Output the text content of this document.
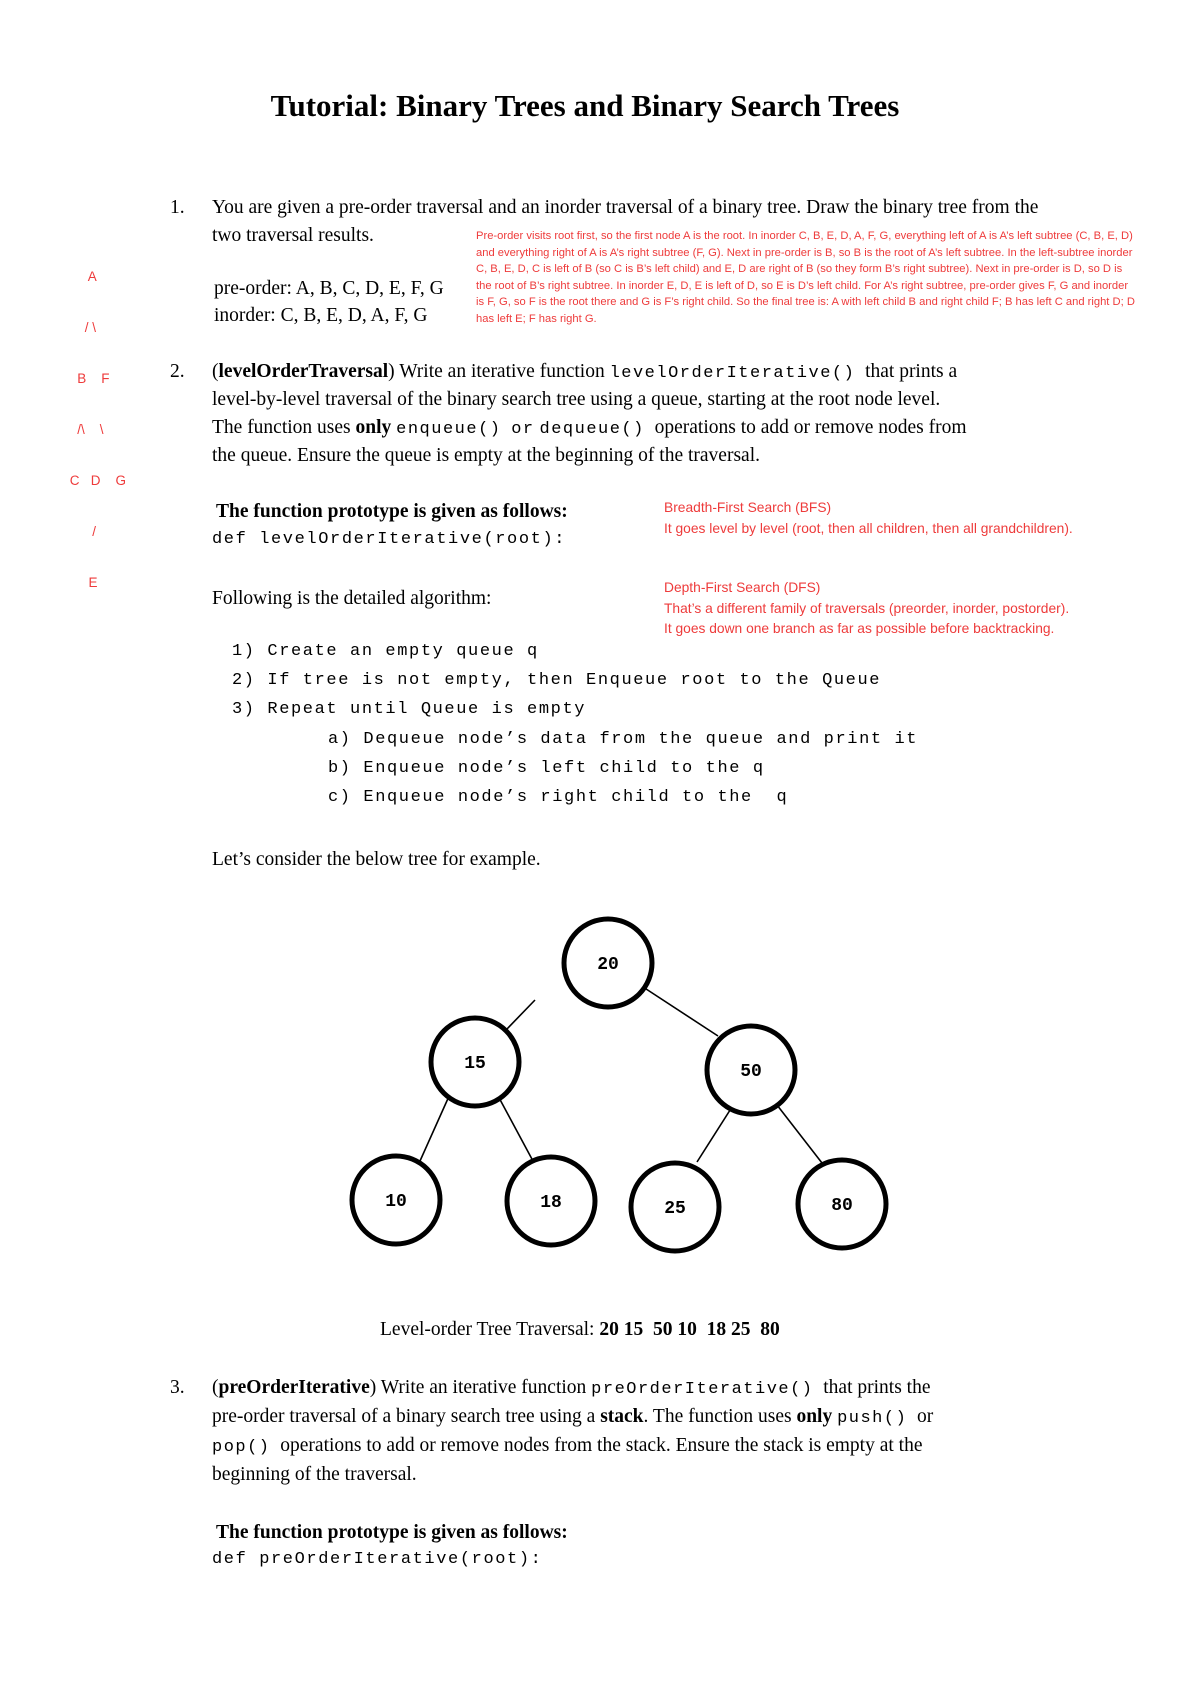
Tutorial: Binary Trees and Binary Search Trees
1.	You are given a pre-order traversal and an inorder traversal of a binary tree. Draw the binary tree from the
two traversal results.
pre-order: A, B, C, D, E, F, G
inorder: C, B, E, D, A, F, G

A

/ \

B    F

/\    \

C   D    G

/

E

Pre-order visits root first, so the first node A is the root. In inorder C, B, E, D, A, F, G, everything left of A is A’s left subtree (C, B, E, D) and everything right of A is A’s right subtree (F, G). Next in pre-order is B, so B is the root of A’s left subtree. In the left-subtree inorder C, B, E, D, C is left of B (so C is B’s left child) and E, D are right of B (so they form B’s right subtree). Next in pre-order is D, so D is the root of B’s right subtree. In inorder E, D, E is left of D, so E is D’s left child. For A’s right subtree, pre-order gives F, G and inorder is F, G, so F is the root there and G is F’s right child. So the final tree is: A with left child B and right child F; B has left C and right D; D has left E; F has right G.
2.	(levelOrderTraversal) Write an iterative function levelOrderIterative() that prints a
level-by-level traversal of the binary search tree using a queue, starting at the root node level.
The function uses only enqueue() or dequeue() operations to add or remove nodes from
the queue. Ensure the queue is empty at the beginning of the traversal.
The function prototype is given as follows:
def levelOrderIterative(root):
Following is the detailed algorithm:
1) Create an empty queue q
2) If tree is not empty, then Enqueue root to the Queue
3) Repeat until Queue is empty
a) Dequeue node’s data from the queue and print it
b) Enqueue node’s left child to the q
c) Enqueue node’s right child to the  q
Breadth-First Search (BFS)
It goes level by level (root, then all children, then all grandchildren).
Depth-First Search (DFS)
That’s a different family of traversals (preorder, inorder, postorder). It goes down one branch as far as possible before backtracking.
Let’s consider the below tree for example.
20
15	50
10	18	25	80
Level-order Tree Traversal: 20 15  50 10  18 25  80
3.	(preOrderIterative) Write an iterative function preOrderIterative() that prints the
pre-order traversal of a binary search tree using a stack. The function uses only push() or
pop() operations to add or remove nodes from the stack. Ensure the stack is empty at the
beginning of the traversal.
The function prototype is given as follows:
def preOrderIterative(root):
